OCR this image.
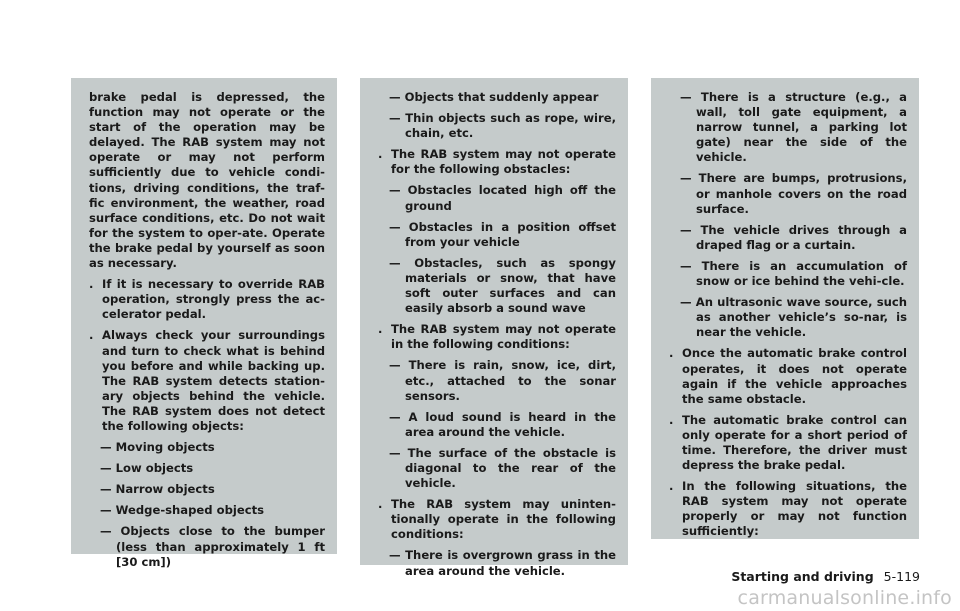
brake pedal is depressed, the function may not operate or the start of the operation may be delayed. The RAB system may not operate or may not perform sufficiently due to vehicle condi-tions, driving conditions, the traf-fic environment, the weather, road surface conditions, etc. Do not wait for the system to oper-ate. Operate the brake pedal by yourself as soon as necessary.
. If it is necessary to override RAB operation, strongly press the ac-celerator pedal.
. Always check your surroundings and turn to check what is behind you before and while backing up. The RAB system detects station-ary objects behind the vehicle. The RAB system does not detect the following objects:
— Moving objects
— Low objects
— Narrow objects
— Wedge-shaped objects
— Objects close to the bumper (less than approximately 1 ft [30 cm])
— Objects that suddenly appear
— Thin objects such as rope, wire, chain, etc.
. The RAB system may not operate for the following obstacles:
— Obstacles located high off the ground
— Obstacles in a position offset from your vehicle
— Obstacles, such as spongy materials or snow, that have soft outer surfaces and can easily absorb a sound wave
. The RAB system may not operate in the following conditions:
— There is rain, snow, ice, dirt, etc., attached to the sonar sensors.
— A loud sound is heard in the area around the vehicle.
— The surface of the obstacle is diagonal to the rear of the vehicle.
. The RAB system may uninten-tionally operate in the following conditions:
— There is overgrown grass in the area around the vehicle.
— There is a structure (e.g., a wall, toll gate equipment, a narrow tunnel, a parking lot gate) near the side of the vehicle.
— There are bumps, protrusions, or manhole covers on the road surface.
— The vehicle drives through a draped flag or a curtain.
— There is an accumulation of snow or ice behind the vehi-cle.
— An ultrasonic wave source, such as another vehicle’s so-nar, is near the vehicle.
. Once the automatic brake control operates, it does not operate again if the vehicle approaches the same obstacle.
. The automatic brake control can only operate for a short period of time. Therefore, the driver must depress the brake pedal.
. In the following situations, the RAB system may not operate properly or may not function sufficiently:
Starting and driving 5-119
carmanualsonline.info
